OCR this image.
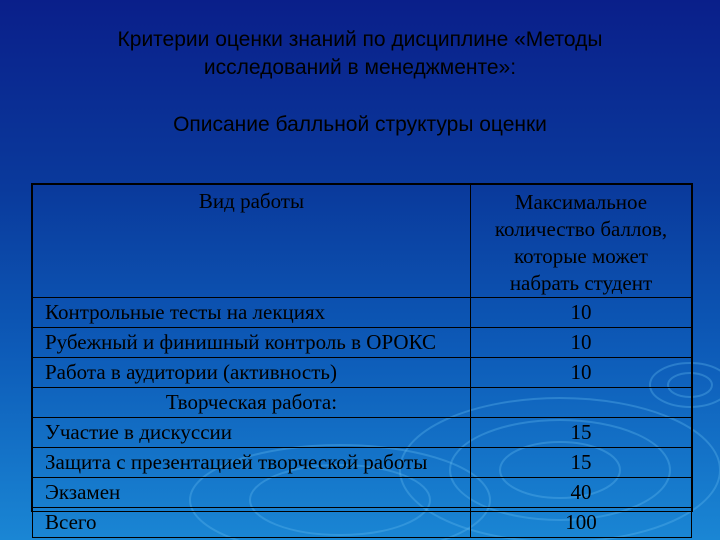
Критерии оценки знаний по дисциплине «Методы
исследований в менеджменте»:
Описание балльной структуры оценки
Вид работы	Максимальное количество баллов, которые может набрать студент
Контрольные тесты на лекциях	10
Рубежный и финишный контроль в ОРОКС	10
Работа в аудитории (активность)	10
Творческая работа:	
Участие в дискуссии	15
Защита с презентацией творческой работы	15
Экзамен	40
Всего	100
